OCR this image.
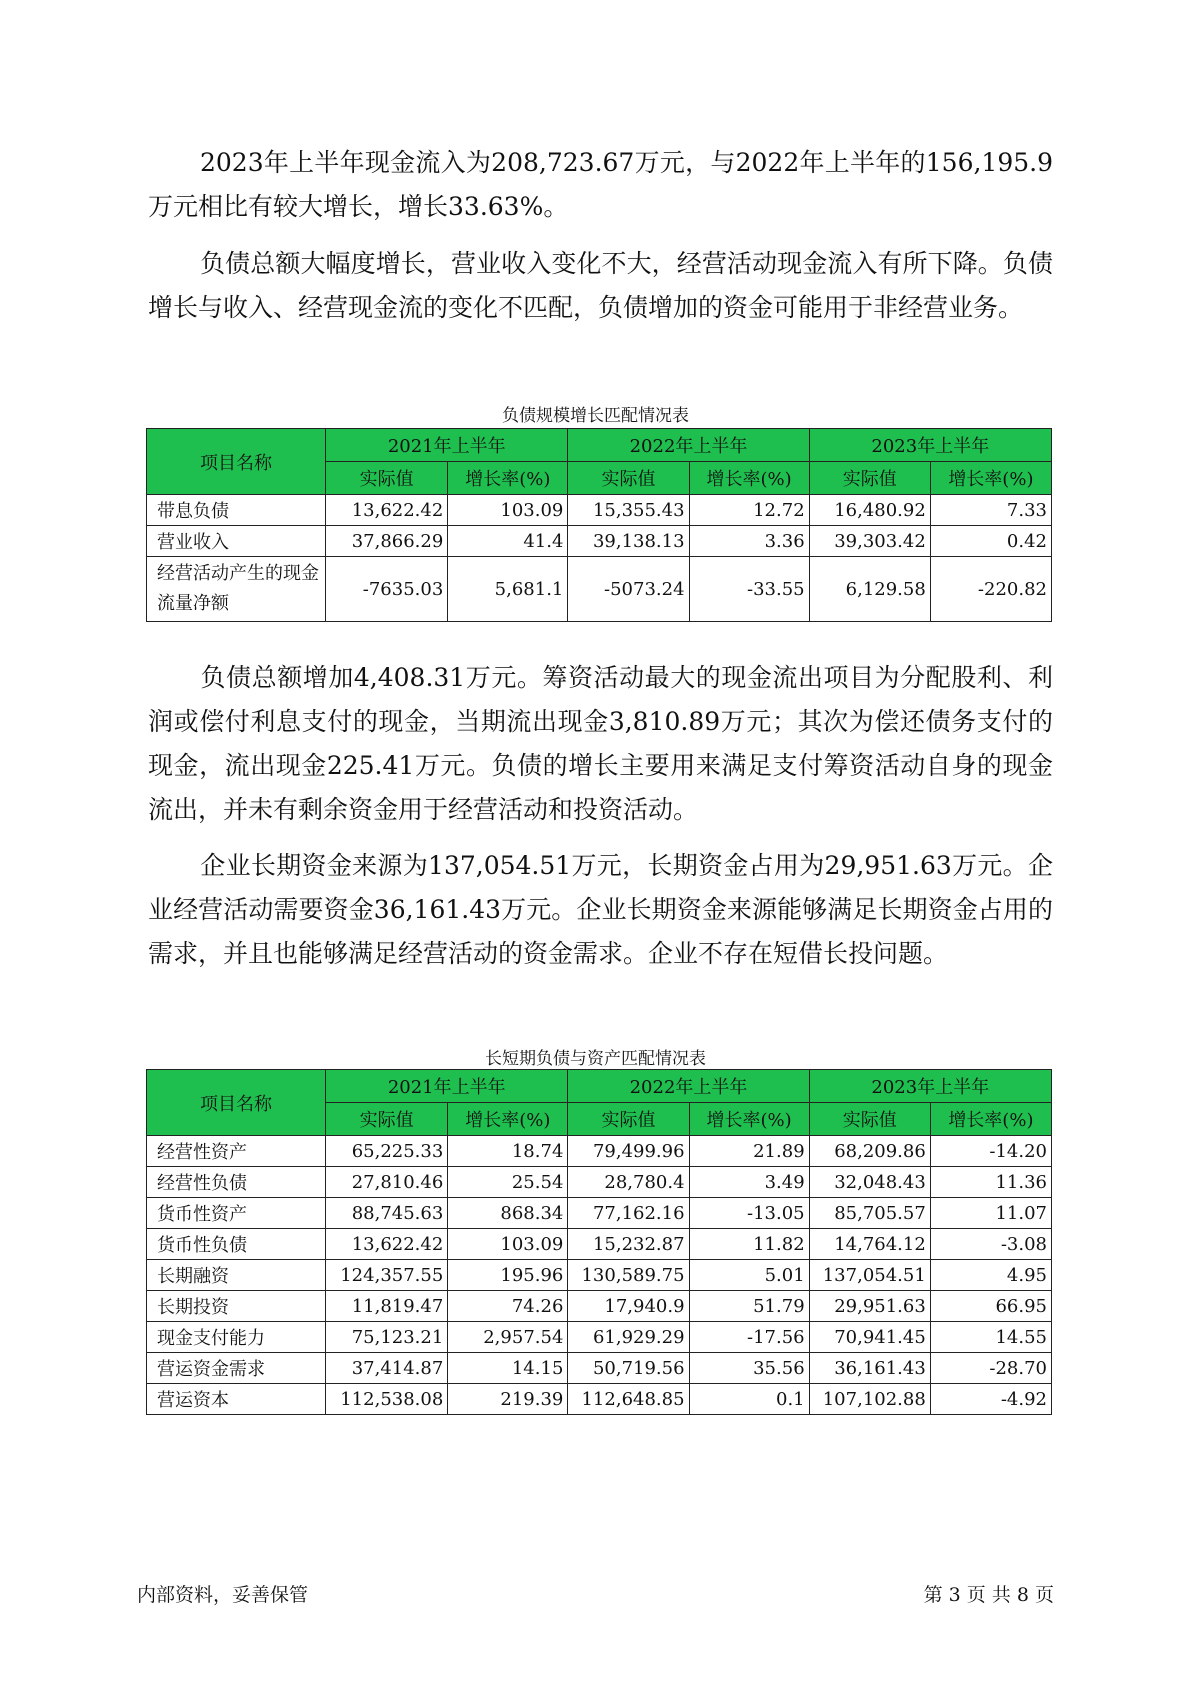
2023年上半年现金流入为208,723.67万元，与2022年上半年的156,195.9万元相比有较大增长，增长33.63%。

负债总额大幅度增长，营业收入变化不大，经营活动现金流入有所下降。负债增长与收入、经营现金流的变化不匹配，负债增加的资金可能用于非经营业务。

负债规模增长匹配情况表

项目名称	2021年上半年		2022年上半年		2023年上半年	
	实际值	增长率(%)	实际值	增长率(%)	实际值	增长率(%)
带息负债	13,622.42	103.09	15,355.43	12.72	16,480.92	7.33
营业收入	37,866.29	41.4	39,138.13	3.36	39,303.42	0.42
经营活动产生的现金流量净额	-7635.03	5,681.1	-5073.24	-33.55	6,129.58	-220.82

负债总额增加4,408.31万元。筹资活动最大的现金流出项目为分配股利、利润或偿付利息支付的现金，当期流出现金3,810.89万元；其次为偿还债务支付的现金，流出现金225.41万元。负债的增长主要用来满足支付筹资活动自身的现金流出，并未有剩余资金用于经营活动和投资活动。

企业长期资金来源为137,054.51万元，长期资金占用为29,951.63万元。企业经营活动需要资金36,161.43万元。企业长期资金来源能够满足长期资金占用的需求，并且也能够满足经营活动的资金需求。企业不存在短借长投问题。

长短期负债与资产匹配情况表

项目名称	2021年上半年		2022年上半年		2023年上半年	
	实际值	增长率(%)	实际值	增长率(%)	实际值	增长率(%)
经营性资产	65,225.33	18.74	79,499.96	21.89	68,209.86	-14.20
经营性负债	27,810.46	25.54	28,780.4	3.49	32,048.43	11.36
货币性资产	88,745.63	868.34	77,162.16	-13.05	85,705.57	11.07
货币性负债	13,622.42	103.09	15,232.87	11.82	14,764.12	-3.08
长期融资	124,357.55	195.96	130,589.75	5.01	137,054.51	4.95
长期投资	11,819.47	74.26	17,940.9	51.79	29,951.63	66.95
现金支付能力	75,123.21	2,957.54	61,929.29	-17.56	70,941.45	14.55
营运资金需求	37,414.87	14.15	50,719.56	35.56	36,161.43	-28.70
营运资本	112,538.08	219.39	112,648.85	0.1	107,102.88	-4.92

内部资料，妥善保管	第 3 页 共 8 页
